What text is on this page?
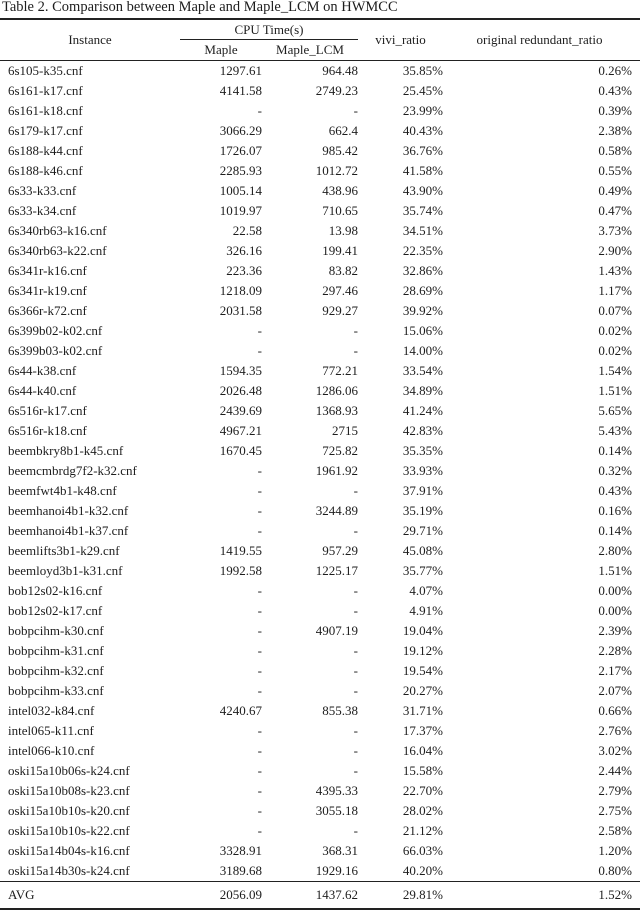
Table 2. Comparison between Maple and Maple_LCM on HWMCC
Instance	CPU Time(s)		vivi_ratio	original redundant_ratio
	Maple	Maple_LCM		
6s105-k35.cnf	1297.61	964.48	35.85%	0.26%
6s161-k17.cnf	4141.58	2749.23	25.45%	0.43%
6s161-k18.cnf	-	-	23.99%	0.39%
6s179-k17.cnf	3066.29	662.4	40.43%	2.38%
6s188-k44.cnf	1726.07	985.42	36.76%	0.58%
6s188-k46.cnf	2285.93	1012.72	41.58%	0.55%
6s33-k33.cnf	1005.14	438.96	43.90%	0.49%
6s33-k34.cnf	1019.97	710.65	35.74%	0.47%
6s340rb63-k16.cnf	22.58	13.98	34.51%	3.73%
6s340rb63-k22.cnf	326.16	199.41	22.35%	2.90%
6s341r-k16.cnf	223.36	83.82	32.86%	1.43%
6s341r-k19.cnf	1218.09	297.46	28.69%	1.17%
6s366r-k72.cnf	2031.58	929.27	39.92%	0.07%
6s399b02-k02.cnf	-	-	15.06%	0.02%
6s399b03-k02.cnf	-	-	14.00%	0.02%
6s44-k38.cnf	1594.35	772.21	33.54%	1.54%
6s44-k40.cnf	2026.48	1286.06	34.89%	1.51%
6s516r-k17.cnf	2439.69	1368.93	41.24%	5.65%
6s516r-k18.cnf	4967.21	2715	42.83%	5.43%
beembkry8b1-k45.cnf	1670.45	725.82	35.35%	0.14%
beemcmbrdg7f2-k32.cnf	-	1961.92	33.93%	0.32%
beemfwt4b1-k48.cnf	-	-	37.91%	0.43%
beemhanoi4b1-k32.cnf	-	3244.89	35.19%	0.16%
beemhanoi4b1-k37.cnf	-	-	29.71%	0.14%
beemlifts3b1-k29.cnf	1419.55	957.29	45.08%	2.80%
beemloyd3b1-k31.cnf	1992.58	1225.17	35.77%	1.51%
bob12s02-k16.cnf	-	-	4.07%	0.00%
bob12s02-k17.cnf	-	-	4.91%	0.00%
bobpcihm-k30.cnf	-	4907.19	19.04%	2.39%
bobpcihm-k31.cnf	-	-	19.12%	2.28%
bobpcihm-k32.cnf	-	-	19.54%	2.17%
bobpcihm-k33.cnf	-	-	20.27%	2.07%
intel032-k84.cnf	4240.67	855.38	31.71%	0.66%
intel065-k11.cnf	-	-	17.37%	2.76%
intel066-k10.cnf	-	-	16.04%	3.02%
oski15a10b06s-k24.cnf	-	-	15.58%	2.44%
oski15a10b08s-k23.cnf	-	4395.33	22.70%	2.79%
oski15a10b10s-k20.cnf	-	3055.18	28.02%	2.75%
oski15a10b10s-k22.cnf	-	-	21.12%	2.58%
oski15a14b04s-k16.cnf	3328.91	368.31	66.03%	1.20%
oski15a14b30s-k24.cnf	3189.68	1929.16	40.20%	0.80%
AVG	2056.09	1437.62	29.81%	1.52%
